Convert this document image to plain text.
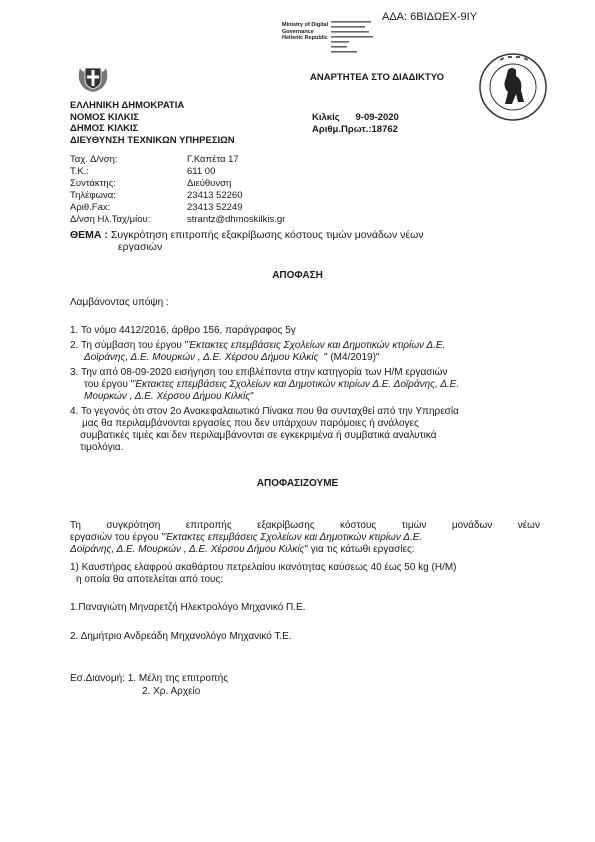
ΑΔΑ: 6ΒΙΔΩΕΧ-9ΙΥ
Ministry of Digital
Governance
Hellenic Republic
ΑΝΑΡΤΗΤΕΑ ΣΤΟ ΔΙΑΔΙΚΤΥΟ
ΕΛΛΗΝΙΚΗ ΔΗΜΟΚΡΑΤΙΑ
ΝΟΜΟΣ ΚΙΛΚΙΣ
ΔΗΜΟΣ ΚΙΛΚΙΣ
ΔΙΕΥΘΥΝΣΗ ΤΕΧΝΙΚΩΝ ΥΠΗΡΕΣΙΩΝ
Κιλκίς      9-09-2020
Αριθμ.Πρωτ.:18762
Ταχ. Δ/νση:	Γ.Καπέτα 17
Τ.Κ.:	611 00
Συντάκτης:	Διεύθυνση
Τηλέφωνα:	23413 52260
Αριθ.Fax:	23413 52249
Δ/νση Ηλ.Ταχ/μίου:	strantz@dhmoskilkis.gr
ΘΕΜΑ : Συγκρότηση επιτροπής εξακρίβωσης κόστους τιμών μονάδων νέων
εργασιών
ΑΠΟΦΑΣΗ
Λαμβάνοντας υπόψη :
1. Το νόμο 4412/2016, άρθρο 156, παράγραφος 5γ
2. Τη σύμβαση του έργου "Έκτακτες επεμβάσεις Σχολείων και Δημοτικών κτιρίων Δ.Ε.
Δοϊράνης, Δ.Ε. Μουρκών , Δ.Ε. Χέρσου Δήμου Κιλκίς  " (Μ4/2019)"
3. Την από 08-09-2020 εισήγηση του επιβλέποντα στην κατηγορία των Η/Μ εργασιών
του έργου "Έκτακτες επεμβάσεις Σχολείων και Δημοτικών κτιρίων Δ.Ε. Δοϊράνης, Δ.Ε.
Μουρκών , Δ.Ε. Χέρσου Δήμου Κιλκίς"
4. Το γεγονός ότι στον 2ο Ανακεφαλαιωτικό Πίνακα που θα συνταχθεί από την Υπηρεσία
μας θα περιλαμβάνονται εργασίες που δεν υπάρχουν παρόμοιες ή ανάλογες
συμβατικές τιμές και δεν περιλαμβάνονται σε εγκεκριμένα ή συμβατικά αναλυτικά
τιμολόγια.
ΑΠΟΦΑΣΙΖΟΥΜΕ
Τη συγκρότηση επιτροπής εξακρίβωσης κόστους τιμών μονάδων νέων
εργασιών του έργου "Έκτακτες επεμβάσεις Σχολείων και Δημοτικών κτιρίων Δ.Ε.
Δοϊράνης, Δ.Ε. Μουρκών , Δ.Ε. Χέρσου Δήμου Κιλκίς" για τις κάτωθι εργασίες:
1) Καυστήρας ελαφρού ακαθάρτου πετρελαίου ικανότητας καύσεως 40 έως 50 kg (Η/Μ)
η οποία θα αποτελείται από τους:
1.Παναγιώτη Μηναρετζή Ηλεκτρολόγο Μηχανικό Π.Ε.
2. Δημήτριο Ανδρεάδη Μηχανολόγο Μηχανικό Τ.Ε.
Εσ.Διανομή: 1. Μέλη της επιτροπής
2. Χρ. Αρχείο
